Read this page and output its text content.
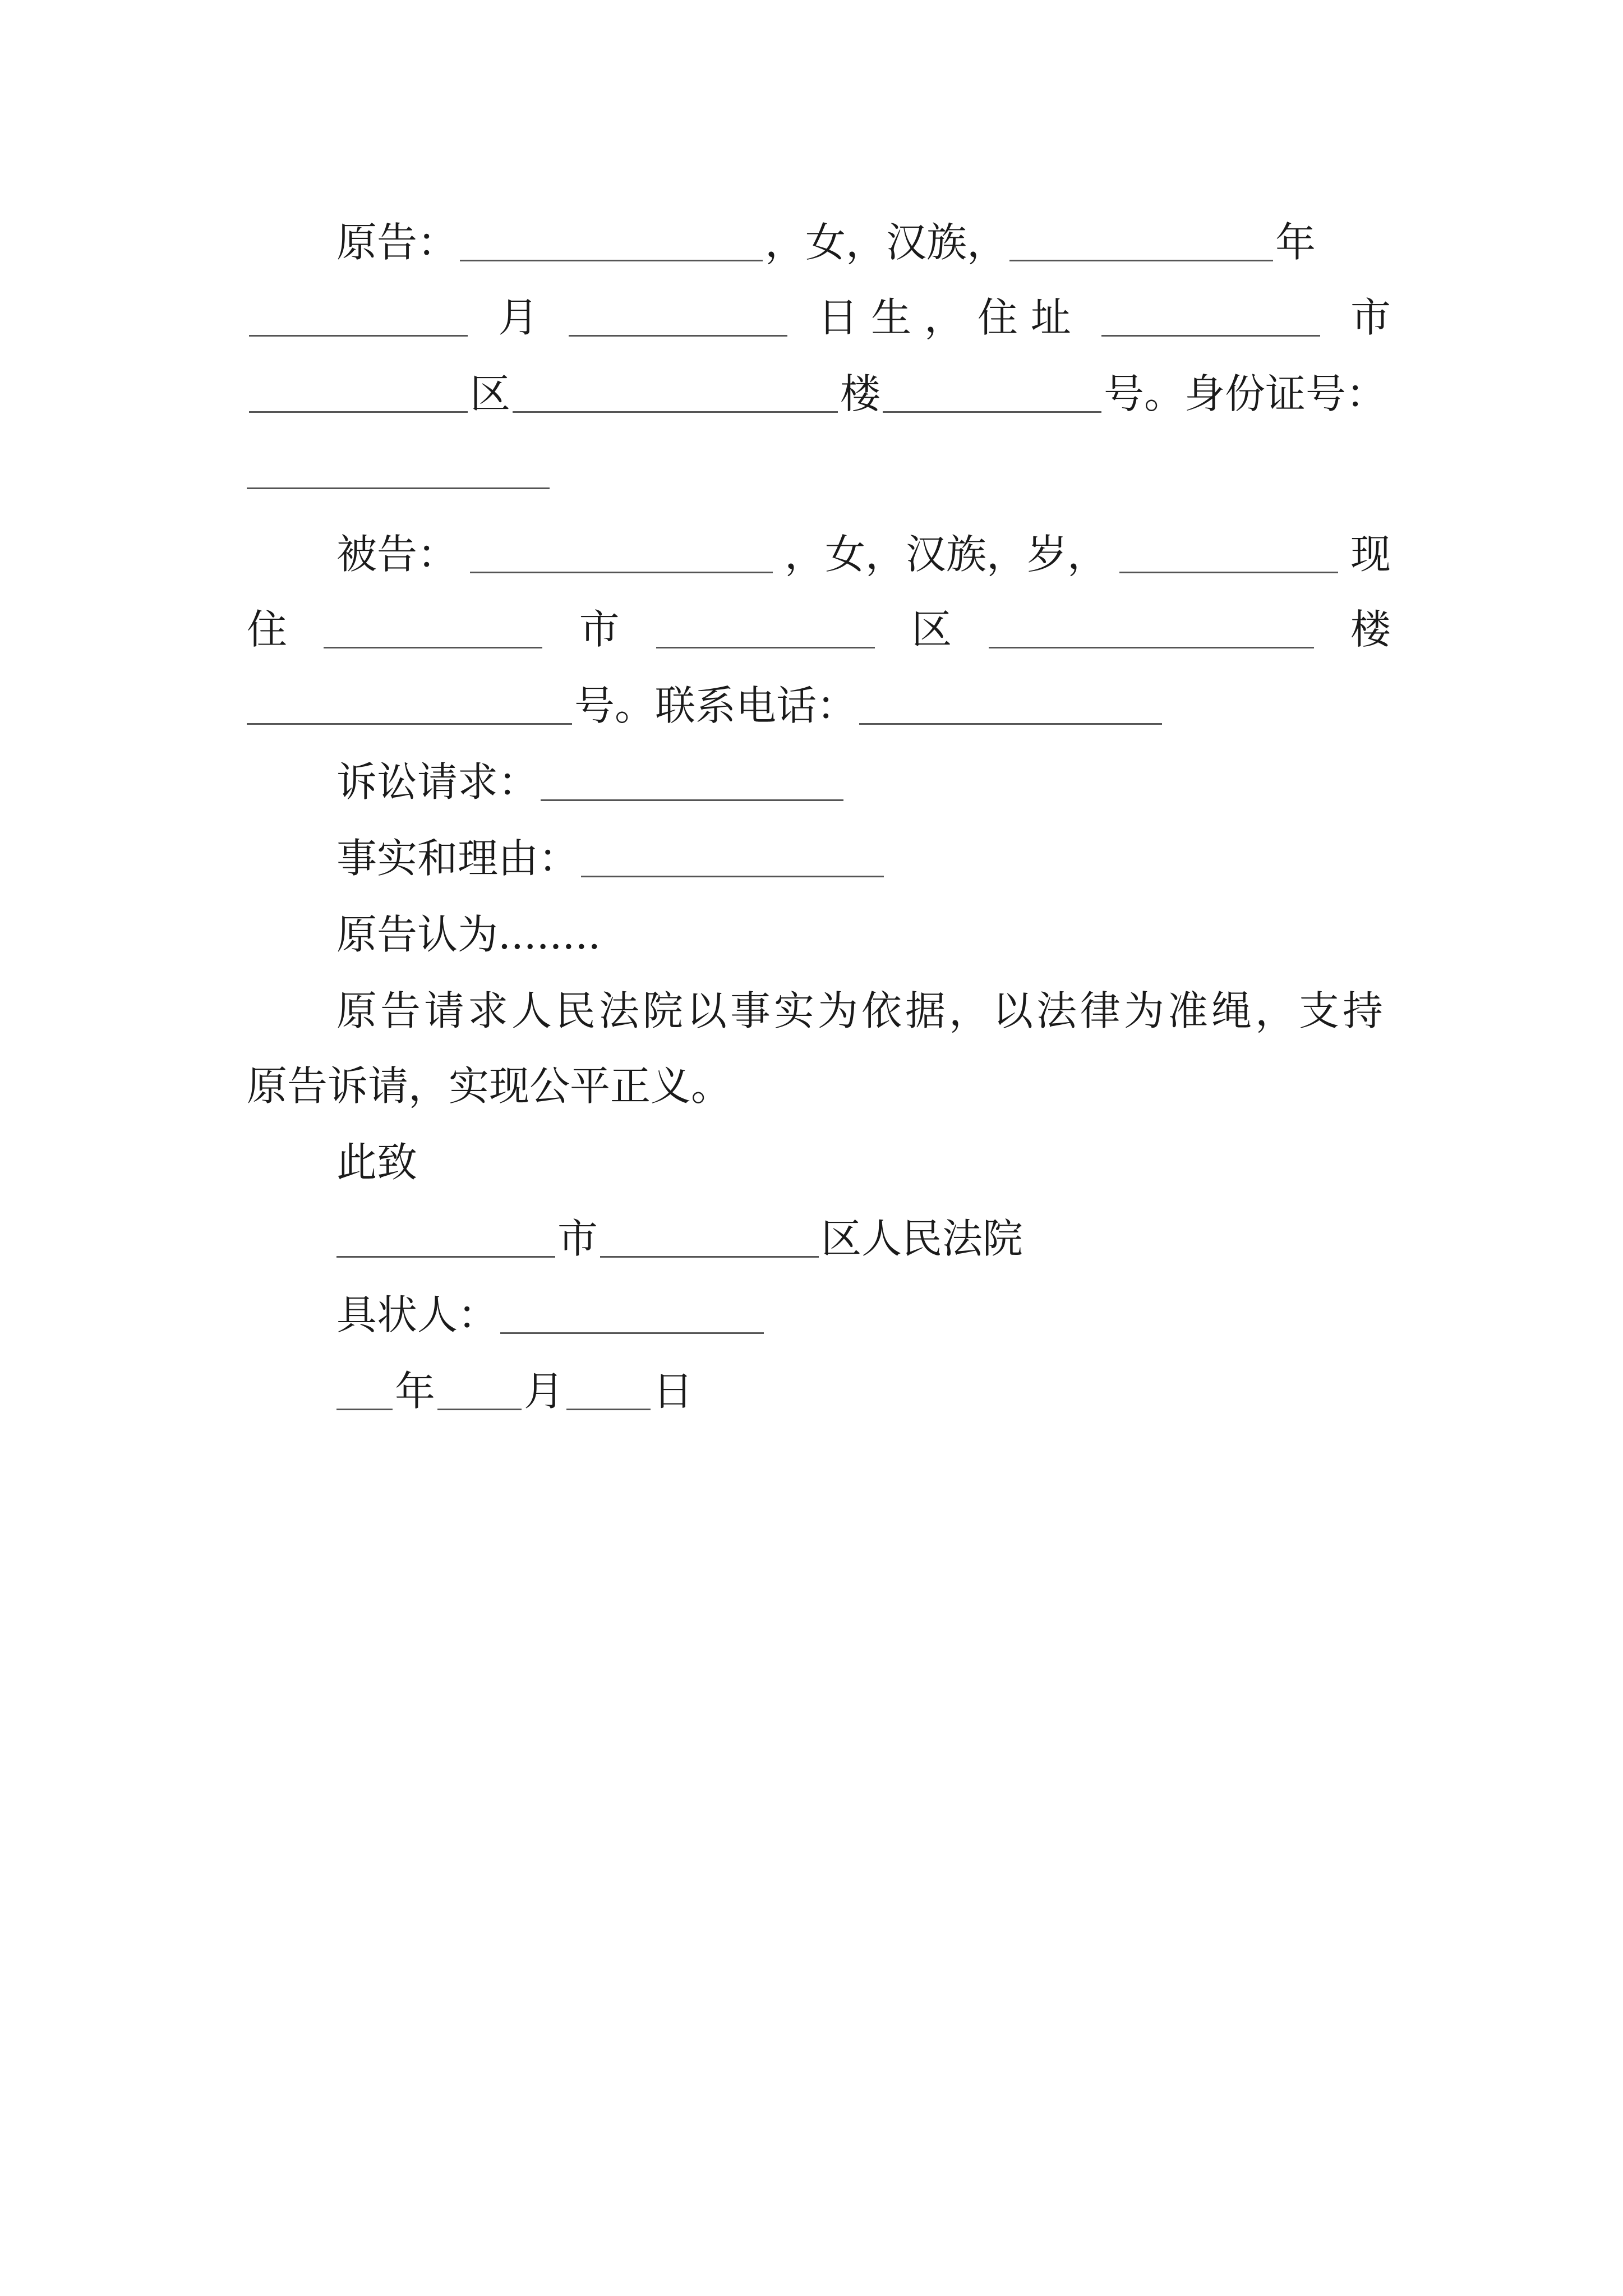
原告：	，女，汉族，	年
月	日 生 ， 住 址	市
区	楼	号。身份证号：
被告：	，女，汉族，岁，	现
住	市	区	楼
号。联系电话：
诉讼请求：
事实和理由：
原告认为........
原告请求人民法院以事实为依据，以法律为准绳，支持
原告诉请，实现公平正义。
此致
市	区人民法院
具状人：
年 月 日
